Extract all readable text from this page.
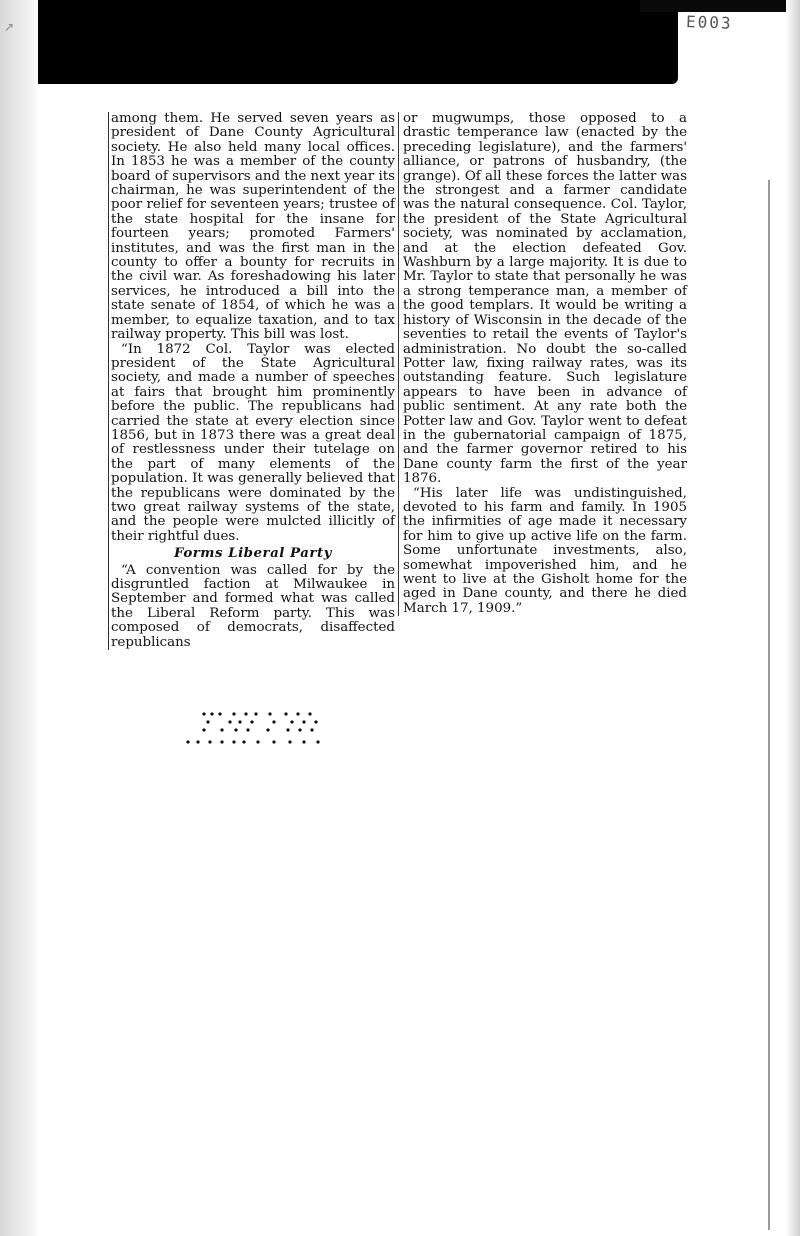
E003
↗

among them. He served seven years as president of Dane County Agricultural society. He also held many local offices. In 1853 he was a member of the county board of supervisors and the next year its chairman, he was superintendent of the poor relief for seventeen years; trustee of the state hospital for the insane for fourteen years; promoted Farmers' institutes, and was the first man in the county to offer a bounty for recruits in the civil war. As foreshadowing his later services, he introduced a bill into the state senate of 1854, of which he was a member, to equalize taxation, and to tax railway property. This bill was lost.

“In 1872 Col. Taylor was elected president of the State Agricultural society, and made a number of speeches at fairs that brought him prominently before the public. The republicans had carried the state at every election since 1856, but in 1873 there was a great deal of restlessness under their tutelage on the part of many elements of the population. It was generally believed that the republicans were dominated by the two great railway systems of the state, and the people were mulcted illicitly of their rightful dues.

Forms Liberal Party

“A convention was called for by the disgruntled faction at Milwaukee in September and formed what was called the Liberal Reform party. This was composed of democrats, disaffected republicans

or mugwumps, those opposed to a drastic temperance law (enacted by the preceding legislature), and the farmers' alliance, or patrons of husbandry, (the grange). Of all these forces the latter was the strongest and a farmer candidate was the natural consequence. Col. Taylor, the president of the State Agricultural society, was nominated by acclamation, and at the election defeated Gov. Washburn by a large majority. It is due to Mr. Taylor to state that personally he was a strong temperance man, a member of the good templars. It would be writing a history of Wisconsin in the decade of the seventies to retail the events of Taylor's administration. No doubt the so-called Potter law, fixing railway rates, was its outstanding feature. Such legislature appears to have been in advance of public sentiment. At any rate both the Potter law and Gov. Taylor went to defeat in the gubernatorial campaign of 1875, and the farmer governor retired to his Dane county farm the first of the year 1876.

“His later life was undistinguished, devoted to his farm and family. In 1905 the infirmities of age made it necessary for him to give up active life on the farm. Some unfortunate investments, also, somewhat impoverished him, and he went to live at the Gisholt home for the aged in Dane county, and there he died March 17, 1909.”
